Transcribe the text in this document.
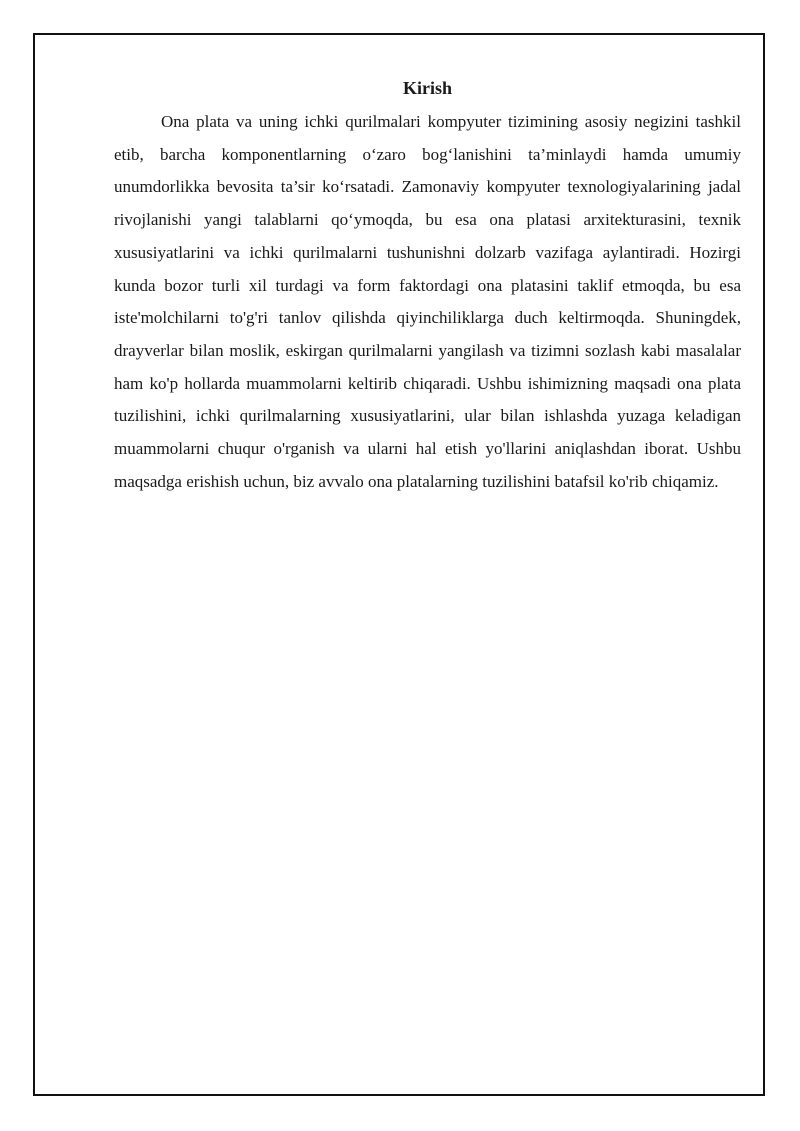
Kirish

Ona plata va uning ichki qurilmalari kompyuter tizimining asosiy negizini tashkil etib, barcha komponentlarning o‘zaro bog‘lanishini ta’minlaydi hamda umumiy unumdorlikka bevosita ta’sir ko‘rsatadi. Zamonaviy kompyuter texnologiyalarining jadal rivojlanishi yangi talablarni qo‘ymoqda, bu esa ona platasi arxitekturasini, texnik xususiyatlarini va ichki qurilmalarni tushunishni dolzarb vazifaga aylantiradi. Hozirgi kunda bozor turli xil turdagi va form faktordagi ona platasini taklif etmoqda, bu esa iste'molchilarni to'g'ri tanlov qilishda qiyinchiliklarga duch keltirmoqda. Shuningdek, drayverlar bilan moslik, eskirgan qurilmalarni yangilash va tizimni sozlash kabi masalalar ham ko'p hollarda muammolarni keltirib chiqaradi. Ushbu ishimizning maqsadi ona plata tuzilishini, ichki qurilmalarning xususiyatlarini, ular bilan ishlashda yuzaga keladigan muammolarni chuqur o'rganish va ularni hal etish yo'llarini aniqlashdan iborat. Ushbu maqsadga erishish uchun, biz avvalo ona platalarning tuzilishini batafsil ko'rib chiqamiz.
